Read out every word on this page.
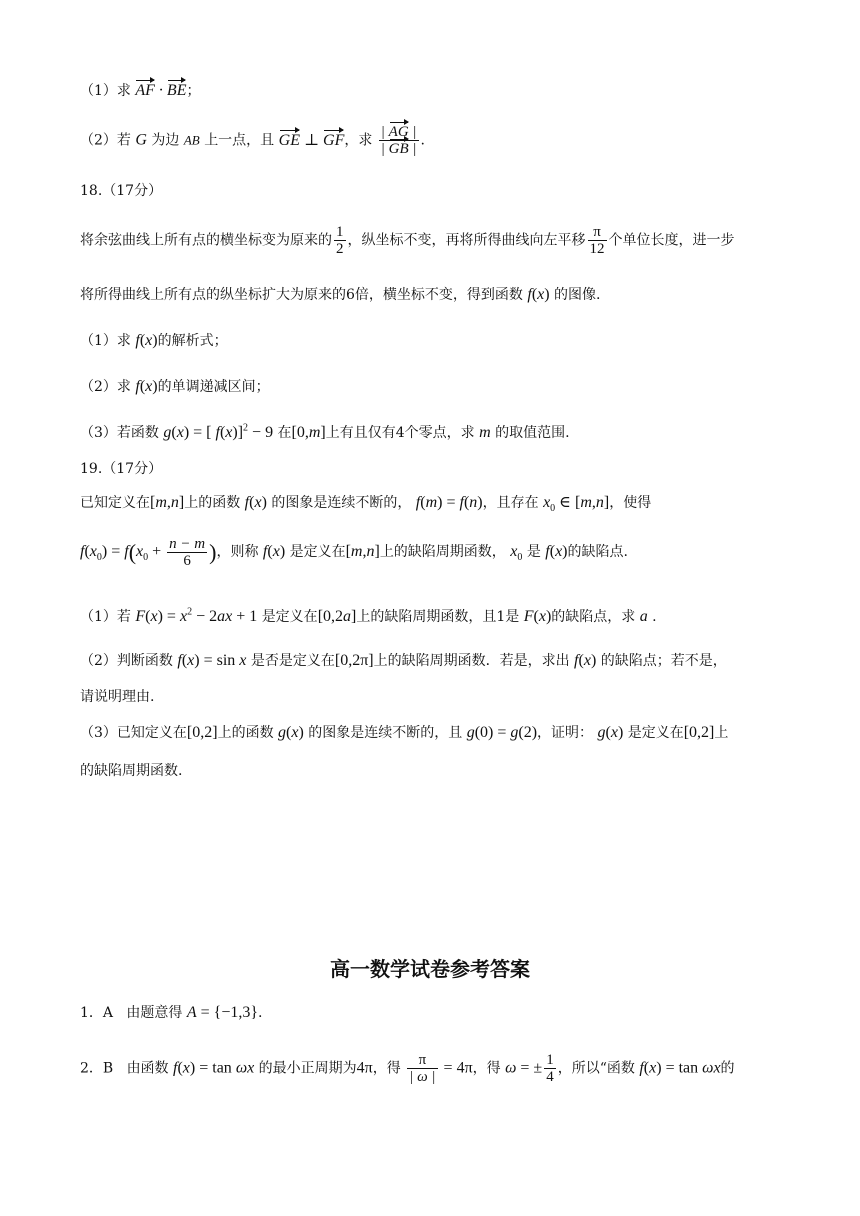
（1）求 AF · BE；
（2）若 G 为边 AB 上一点，且 GE ⊥ GF，求 $\frac{| AG |}{| GB |}$ .
18.（17分）
将余弦曲线上所有点的横坐标变为原来的 $\frac{1}{2}$ ，纵坐标不变，再将所得曲线向左平移 $\frac{\pi}{12}$ 个单位长度，进一步
将所得曲线上所有点的纵坐标扩大为原来的6倍，横坐标不变，得到函数 f(x) 的图像.
（1）求 f(x)的解析式；
（2）求 f(x)的单调递减区间；
（3）若函数 g(x) = [ f(x)]$^2$ − 9 在[0,m]上有且仅有4个零点，求 m 的取值范围.
19.（17分）
已知定义在[m,n]上的函数 f(x) 的图象是连续不断的， f(m) = f(n)，且存在 $x_0$ ∈ [m,n]，使得
$f(x_0) = f(x_0 + \frac{n - m}{6}$ )，则称 f(x) 是定义在[m,n]上的缺陷周期函数， $x_0$ 是 f(x)的缺陷点.
（1）若 $F(x) = x^2 - 2ax + 1$ 是定义在[0,2a]上的缺陷周期函数，且1是 F(x)的缺陷点，求 a .
（2）判断函数 f(x) = sin x 是否是定义在[0,2π]上的缺陷周期函数．若是，求出 f(x) 的缺陷点；若不是，
请说明理由.
（3）已知定义在[0,2]上的函数 g(x) 的图象是连续不断的，且 g(0) = g(2)，证明： g(x) 是定义在[0,2]上
的缺陷周期函数.
高一数学试卷参考答案
1．A 由题意得 A = {−1,3}.
2．B 由函数 f(x) = tan ωx 的最小正周期为4π，得 $\frac{\pi}{| \omega |} = 4\pi$，得 ω = ± $\frac{1}{4}$ ，所以“函数 f(x) = tan ωx的
